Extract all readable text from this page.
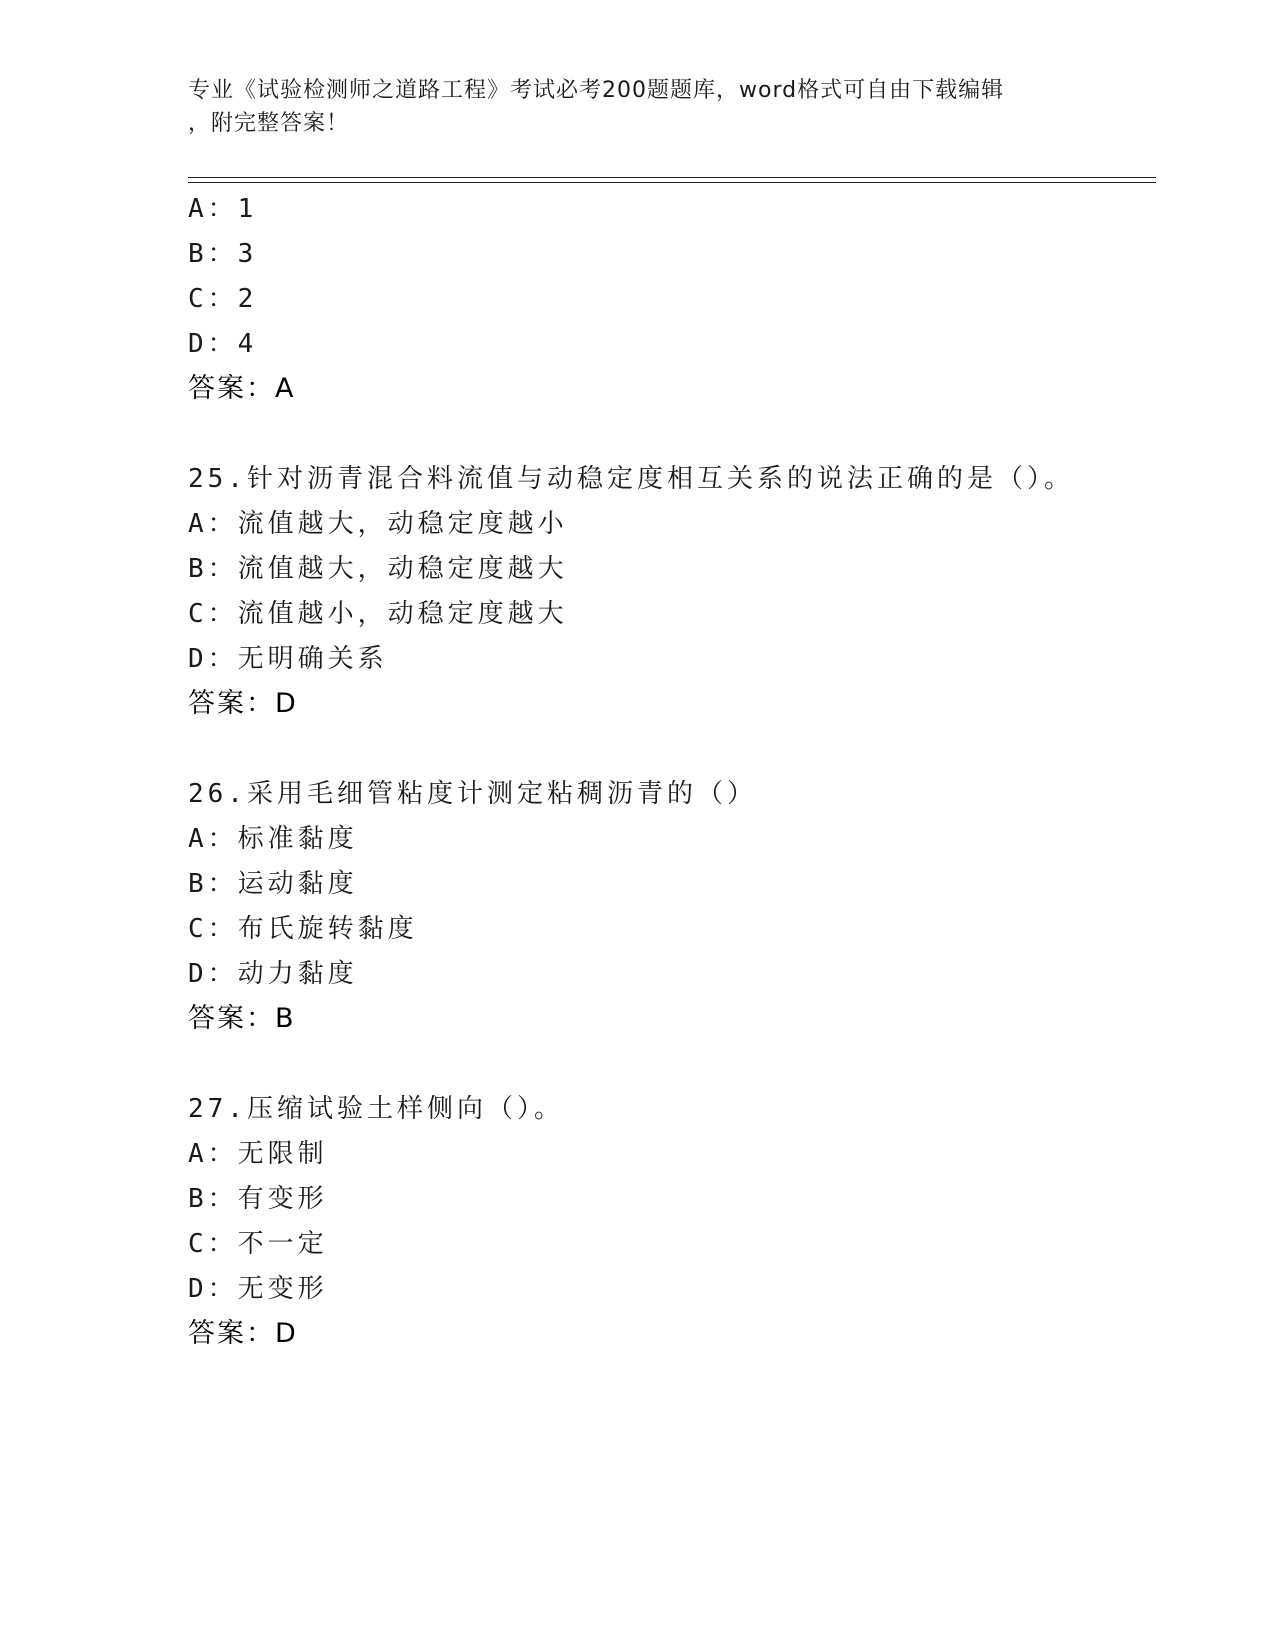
专业《试验检测师之道路工程》考试必考200题题库，word格式可自由下载编辑
，附完整答案！
A：1
B：3
C：2
D：4
答案：A
25.针对沥青混合料流值与动稳定度相互关系的说法正确的是（）。
A：流值越大，动稳定度越小
B：流值越大，动稳定度越大
C：流值越小，动稳定度越大
D：无明确关系
答案：D
26.采用毛细管粘度计测定粘稠沥青的（）
A：标准黏度
B：运动黏度
C：布氏旋转黏度
D：动力黏度
答案：B
27.压缩试验土样侧向（）。
A：无限制
B：有变形
C：不一定
D：无变形
答案：D
